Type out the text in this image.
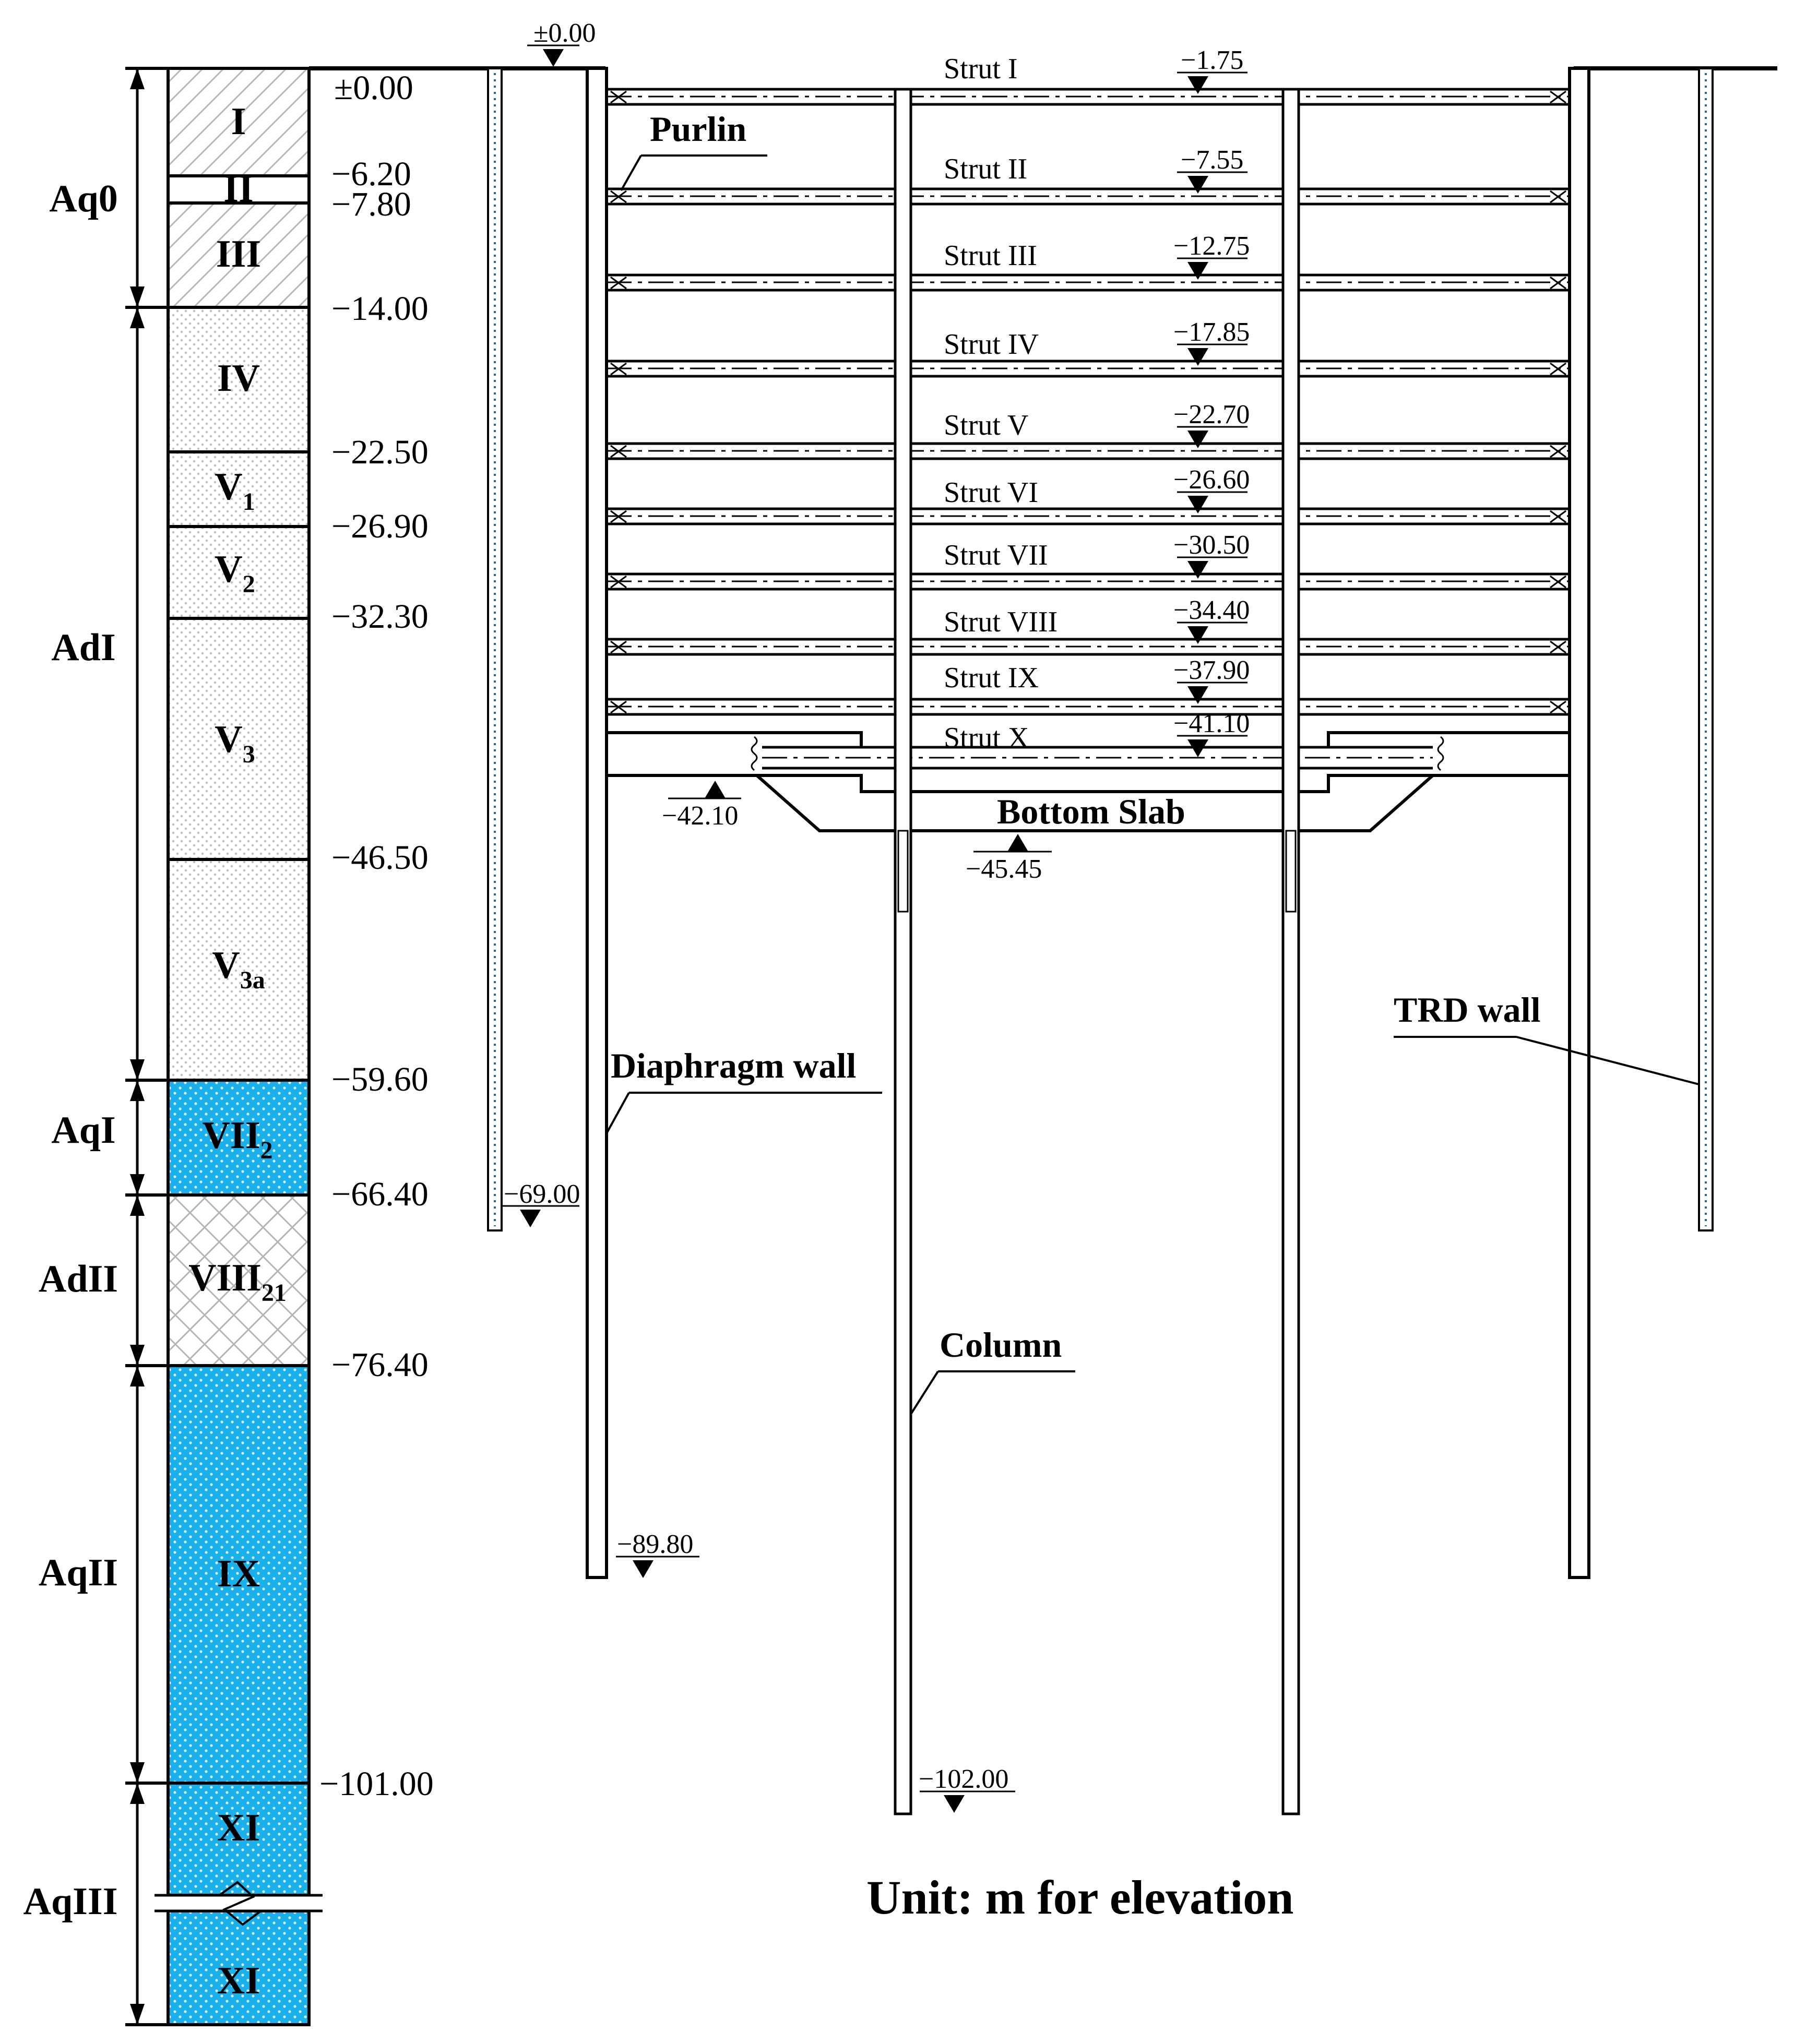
I
II
III
IV
$V_1$
$V_2$
$V_3$
$V_{3a}$
$VII_2$
$VIII_{21}$
IX
XI
XI
Aq0
AdI
AqI
AdII
AqII
AqIII
±0.00
−6.20
−7.80
−14.00
−22.50
−26.90
−32.30
−46.50
−59.60
−66.40
−76.40
−101.00
Strut I
Strut II
Strut III
Strut IV
Strut V
Strut VI
Strut VII
Strut VIII
Strut IX
Strut X
−1.75
−7.55
−12.75
−17.85
−22.70
−26.60
−30.50
−34.40
−37.90
−41.10
±0.00
−42.10
−45.45
−69.00
−89.80
−102.00
Purlin
Diaphragm wall
TRD wall
Column
Bottom Slab
Unit: m for elevation
